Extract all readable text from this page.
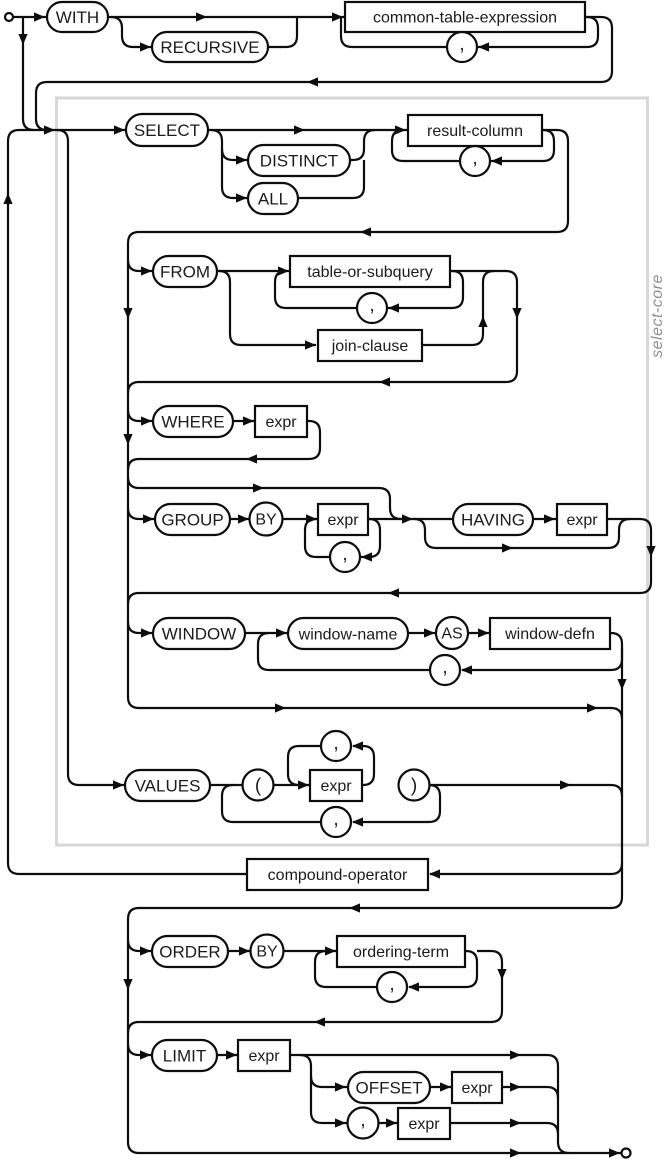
select-core
WITH
RECURSIVE
common-table-expression
,
SELECT
DISTINCT
ALL
result-column
,
FROM	table-or-subquery
,
join-clause
WHERE	expr
GROUP BY	expr
,
HAVING	expr
WINDOW	window-name	AS	window-defn
,
VALUES	(	expr	)
,
,
compound-operator
ORDER BY	ordering-term
,
LIMIT	expr
OFFSET expr
,	expr
